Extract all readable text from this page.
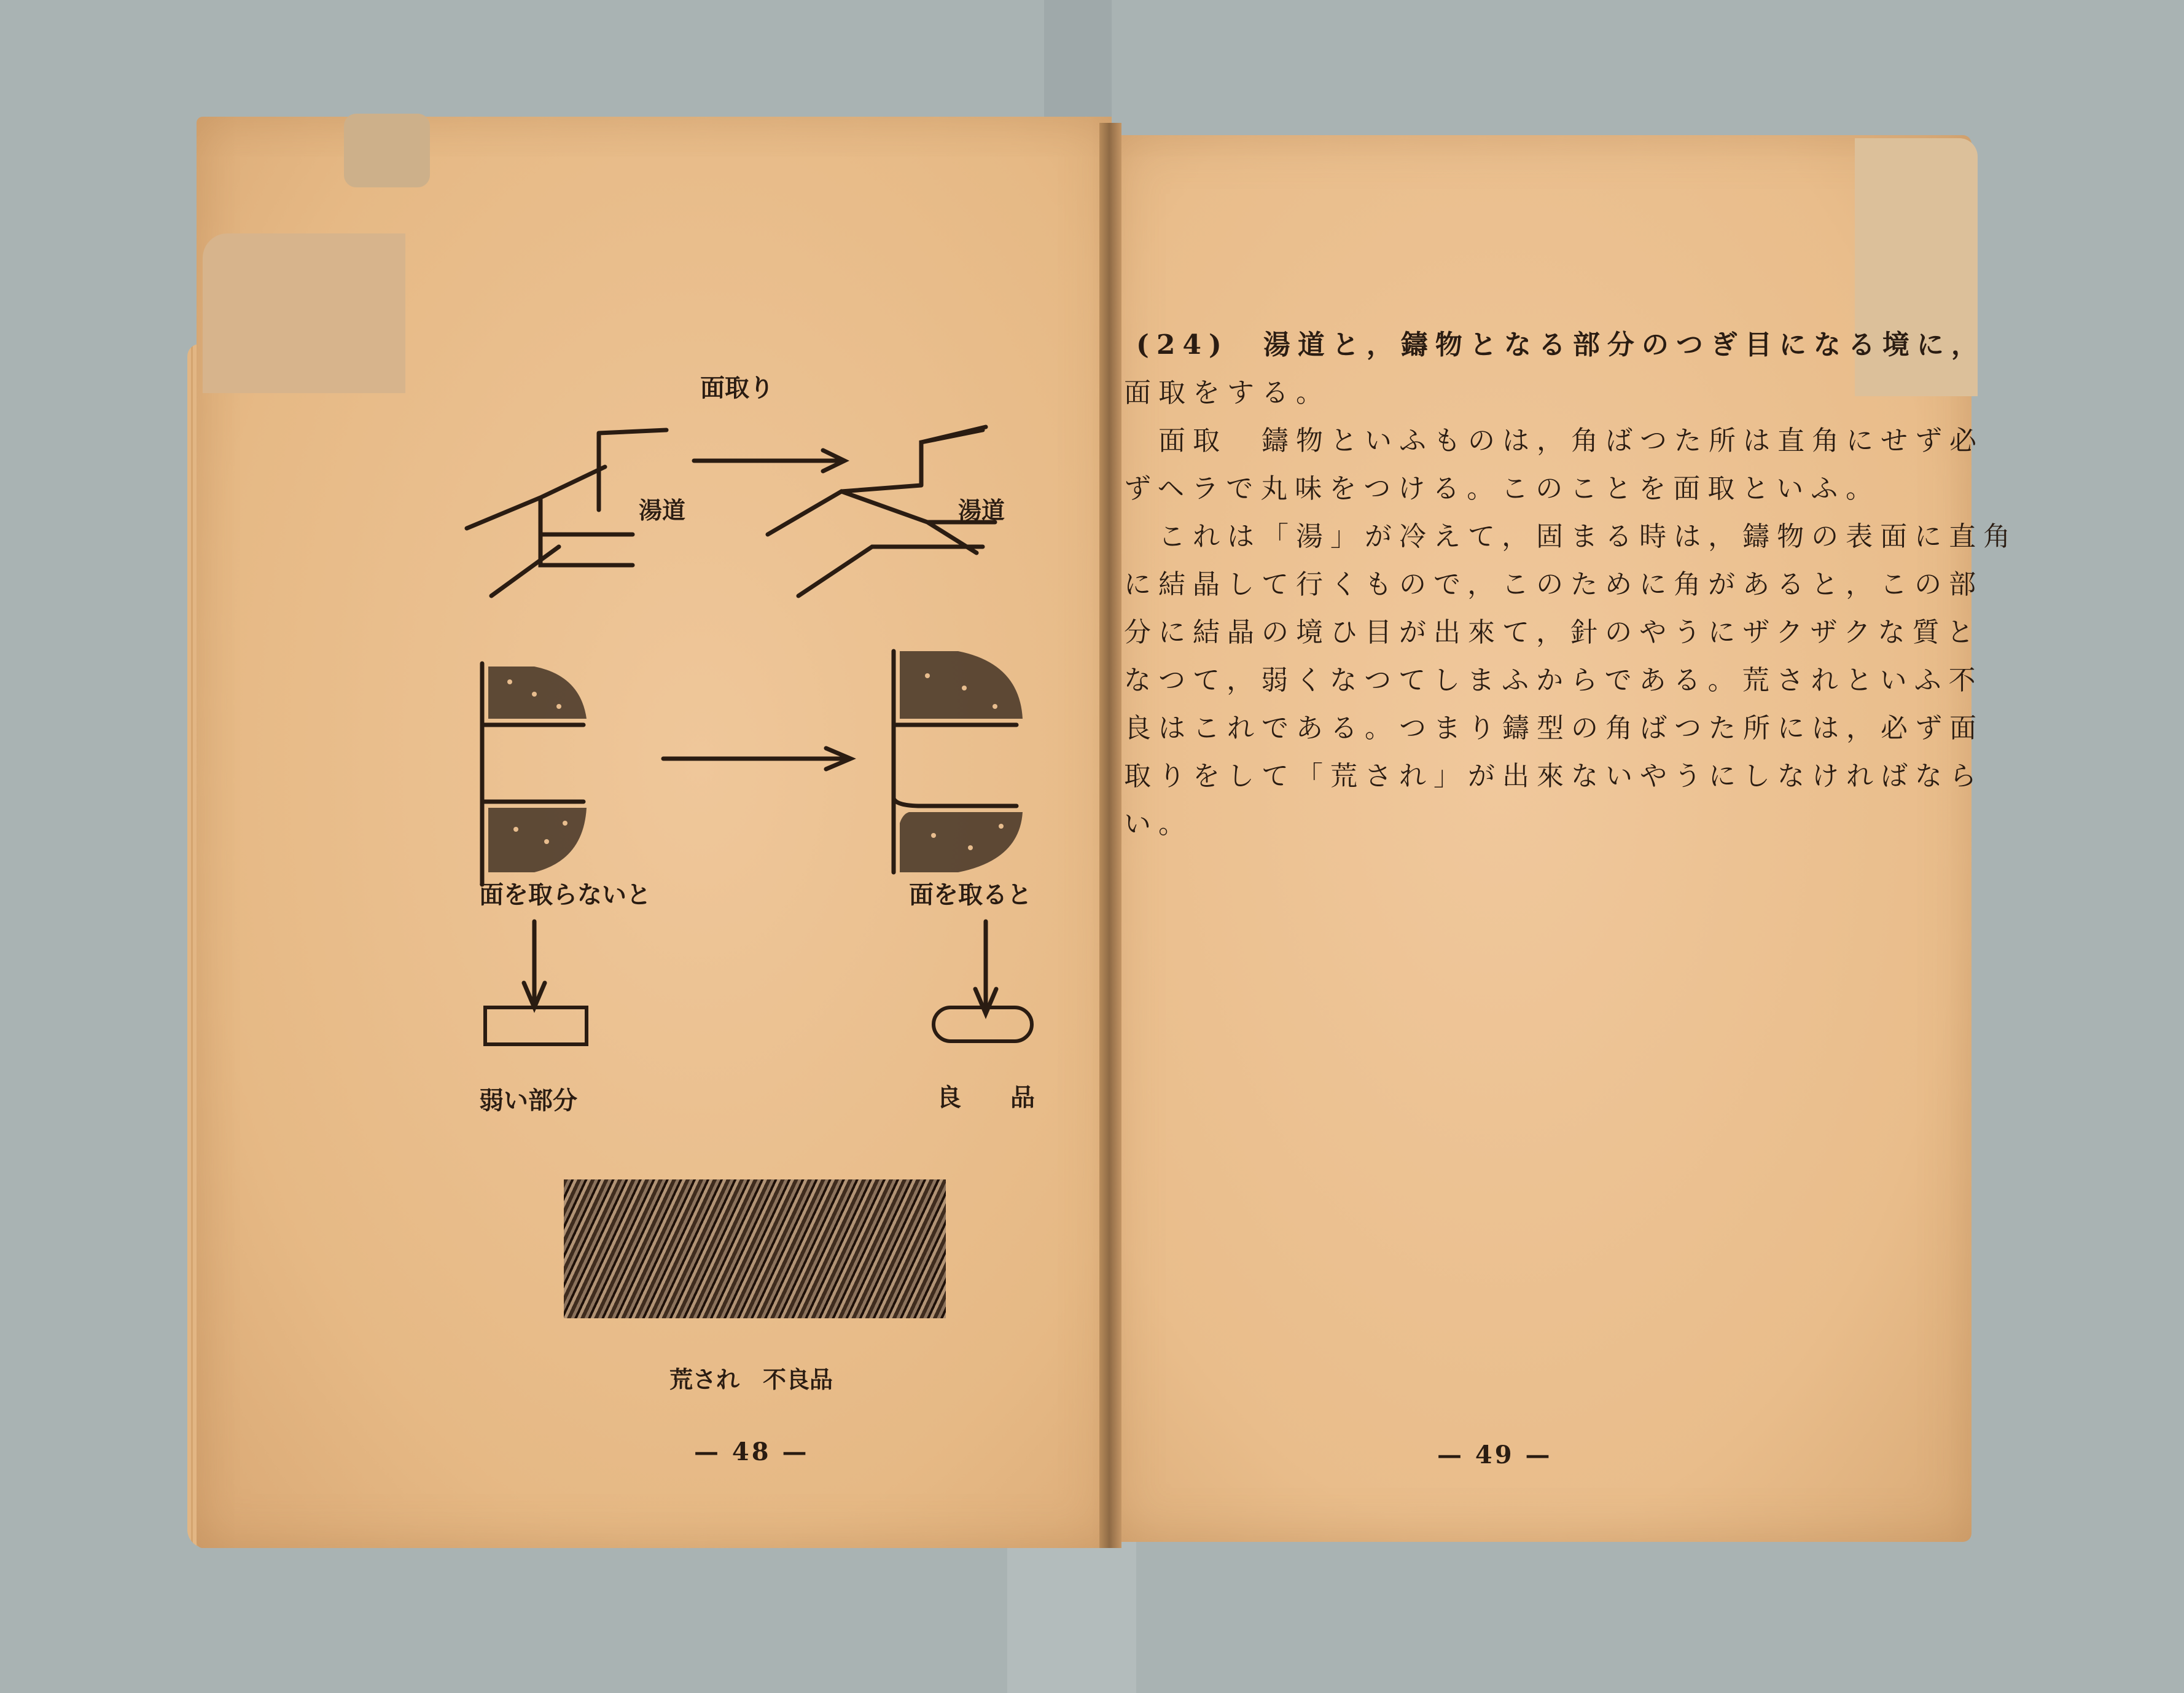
面取り
湯道	湯道
面を取らないと	面を取ると
弱い部分	良　品
荒され　不良品
— 48 —
(24)　湯道と，鑄物となる部分のつぎ目になる境に，
面取をする。
　面取　鑄物といふものは，角ばつた所は直角にせず必
ずヘラで丸味をつける。このことを面取といふ。
　これは「湯」が冷えて，固まる時は，鑄物の表面に直角
に結晶して行くもので，このために角があると，この部
分に結晶の境ひ目が出來て，針のやうにザクザクな質と
なつて，弱くなつてしまふからである。荒されといふ不
良はこれである。つまり鑄型の角ばつた所には，必ず面
取りをして「荒され」が出來ないやうにしなければなら
い。
— 49 —
